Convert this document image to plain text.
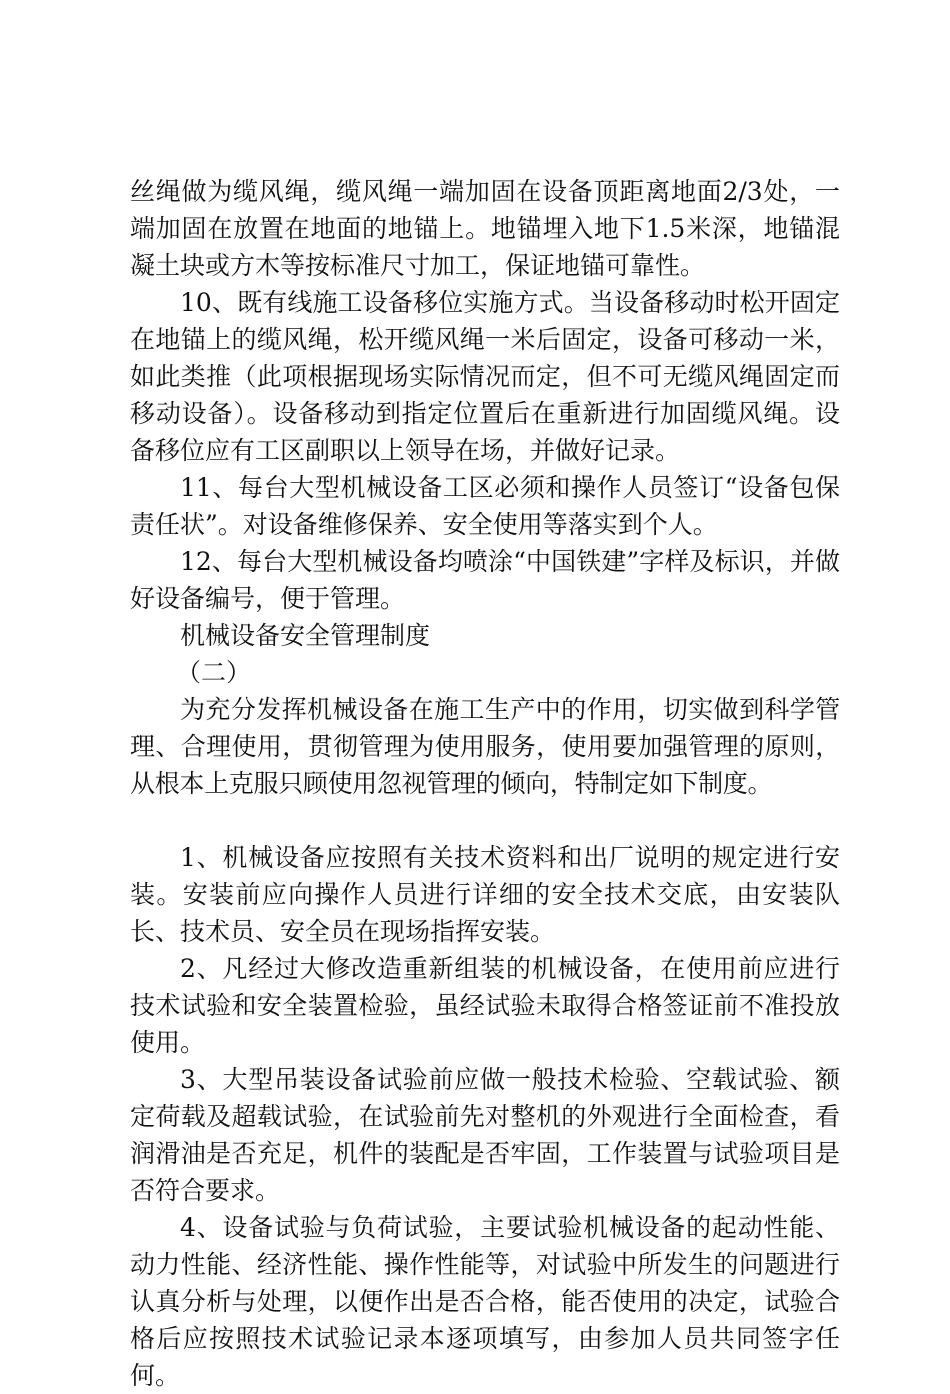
丝绳做为缆风绳，缆风绳一端加固在设备顶距离地面2/3处，一端加固在放置在地面的地锚上。地锚埋入地下1.5米深，地锚混凝土块或方木等按标准尺寸加工，保证地锚可靠性。

10、既有线施工设备移位实施方式。当设备移动时松开固定在地锚上的缆风绳，松开缆风绳一米后固定，设备可移动一米，如此类推（此项根据现场实际情况而定，但不可无缆风绳固定而移动设备）。设备移动到指定位置后在重新进行加固缆风绳。设备移位应有工区副职以上领导在场，并做好记录。

11、每台大型机械设备工区必须和操作人员签订“设备包保责任状”。对设备维修保养、安全使用等落实到个人。

12、每台大型机械设备均喷涂“中国铁建”字样及标识，并做好设备编号，便于管理。

机械设备安全管理制度

（二）

为充分发挥机械设备在施工生产中的作用，切实做到科学管理、合理使用，贯彻管理为使用服务，使用要加强管理的原则，从根本上克服只顾使用忽视管理的倾向，特制定如下制度。

1、机械设备应按照有关技术资料和出厂说明的规定进行安装。安装前应向操作人员进行详细的安全技术交底，由安装队长、技术员、安全员在现场指挥安装。

2、凡经过大修改造重新组装的机械设备，在使用前应进行技术试验和安全装置检验，虽经试验未取得合格签证前不准投放使用。

3、大型吊装设备试验前应做一般技术检验、空载试验、额定荷载及超载试验，在试验前先对整机的外观进行全面检查，看润滑油是否充足，机件的装配是否牢固，工作装置与试验项目是否符合要求。

4、设备试验与负荷试验，主要试验机械设备的起动性能、动力性能、经济性能、操作性能等，对试验中所发生的问题进行认真分析与处理，以便作出是否合格，能否使用的决定，试验合格后应按照技术试验记录本逐项填写，由参加人员共同签字任何。
